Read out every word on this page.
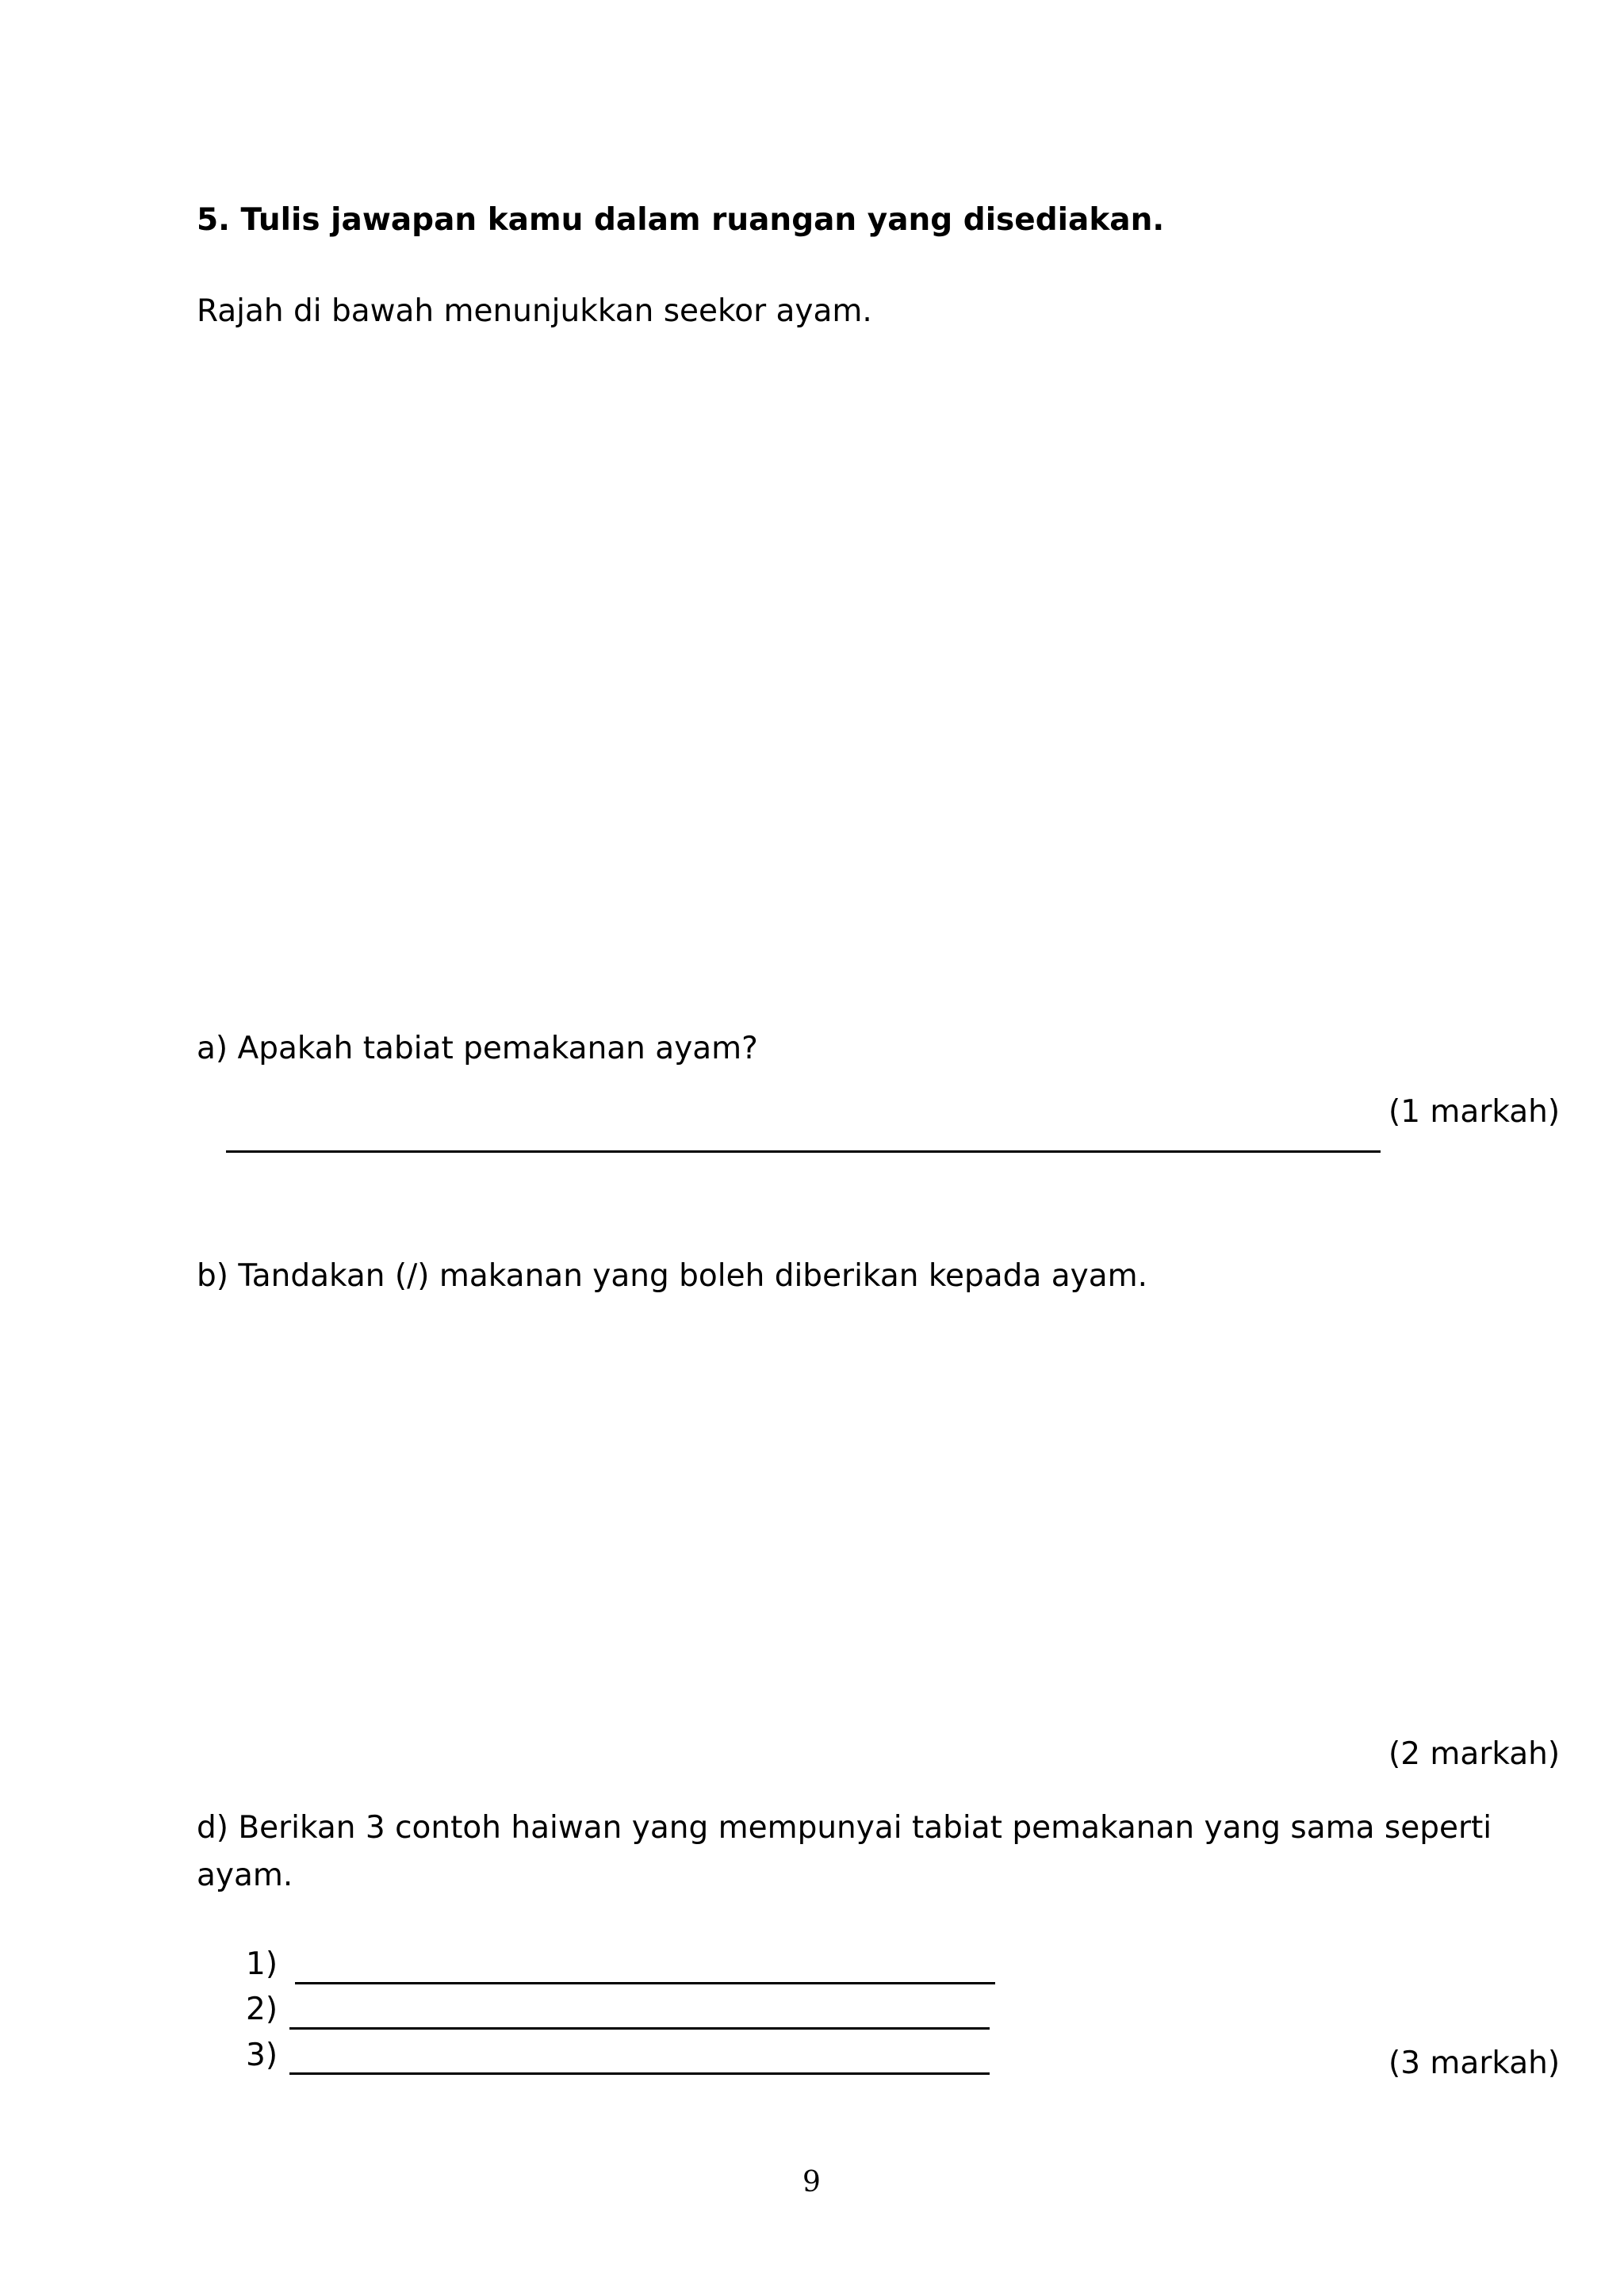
5. Tulis jawapan kamu dalam ruangan yang disediakan.

Rajah di bawah menunjukkan seekor ayam.

a) Apakah tabiat pemakanan ayam?

(1 markah)

b) Tandakan (/) makanan yang boleh diberikan kepada ayam.

(2 markah)

d) Berikan 3 contoh haiwan yang mempunyai tabiat pemakanan yang sama seperti

ayam.

1)

2)

3)	(3 markah)

9
